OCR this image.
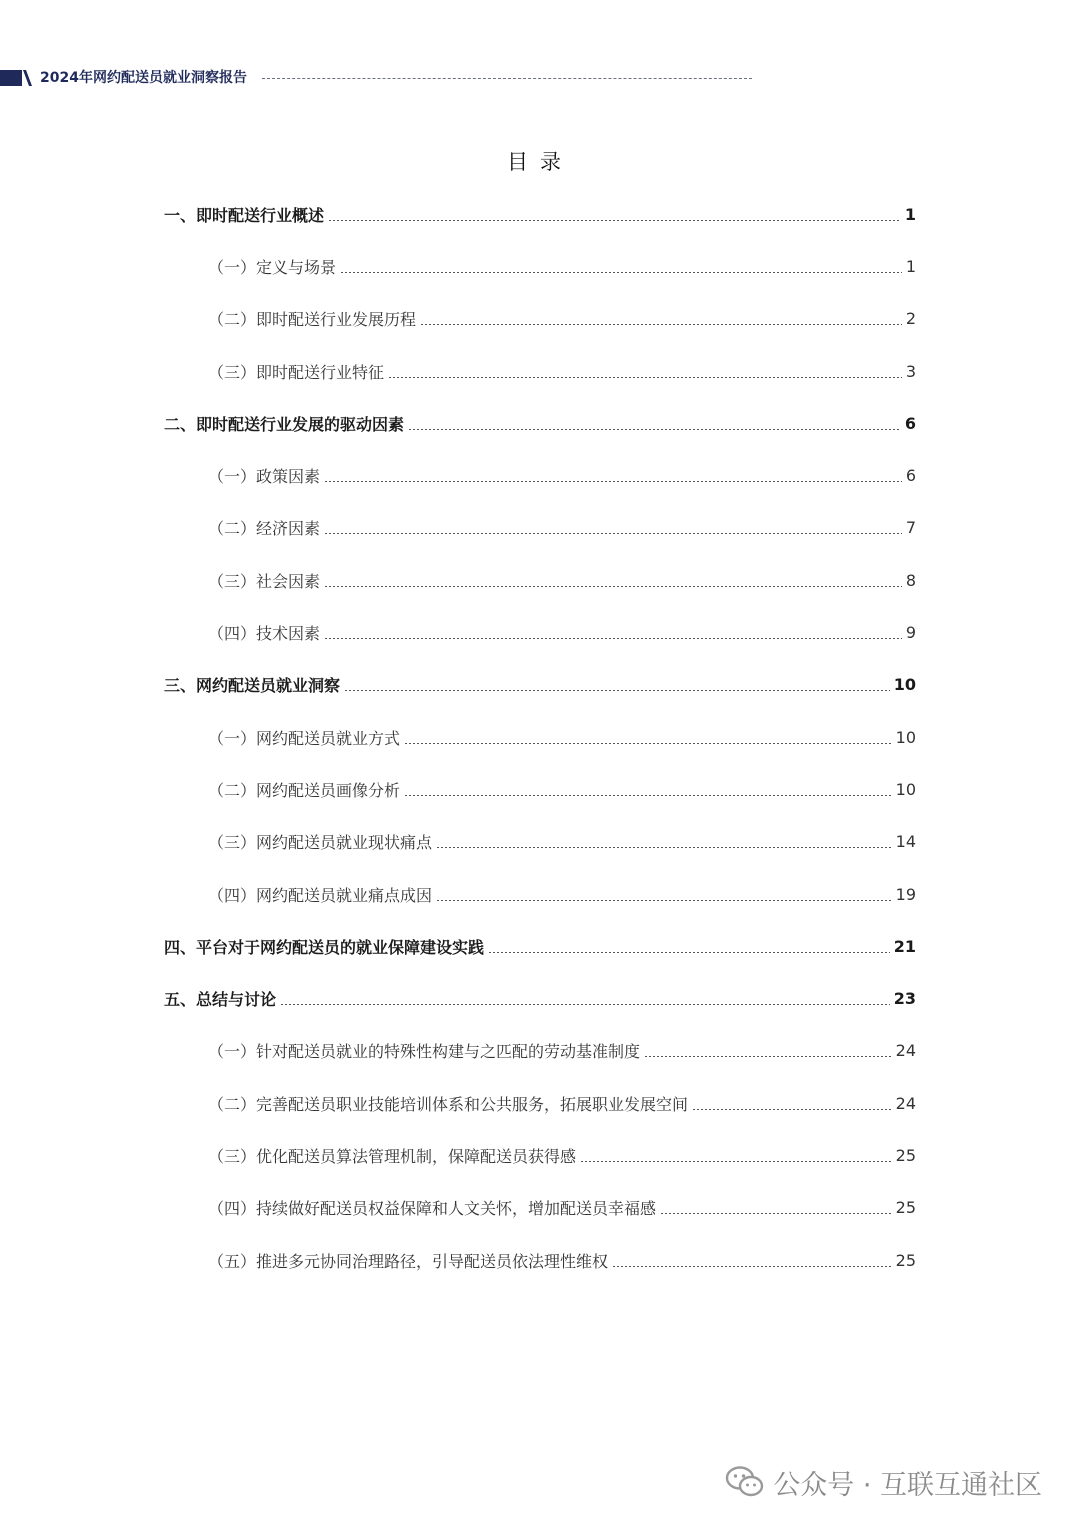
2024年网约配送员就业洞察报告
目录
一、即时配送行业概述	1
（一）定义与场景	1
（二）即时配送行业发展历程	2
（三）即时配送行业特征	3
二、即时配送行业发展的驱动因素	6
（一）政策因素	6
（二）经济因素	7
（三）社会因素	8
（四）技术因素	9
三、网约配送员就业洞察	10
（一）网约配送员就业方式	10
（二）网约配送员画像分析	10
（三）网约配送员就业现状痛点	14
（四）网约配送员就业痛点成因	19
四、平台对于网约配送员的就业保障建设实践	21
五、总结与讨论	23
（一）针对配送员就业的特殊性构建与之匹配的劳动基准制度	24
（二）完善配送员职业技能培训体系和公共服务，拓展职业发展空间	24
（三）优化配送员算法管理机制，保障配送员获得感	25
（四）持续做好配送员权益保障和人文关怀，增加配送员幸福感	25
（五）推进多元协同治理路径，引导配送员依法理性维权	25
公众号 · 互联互通社区
